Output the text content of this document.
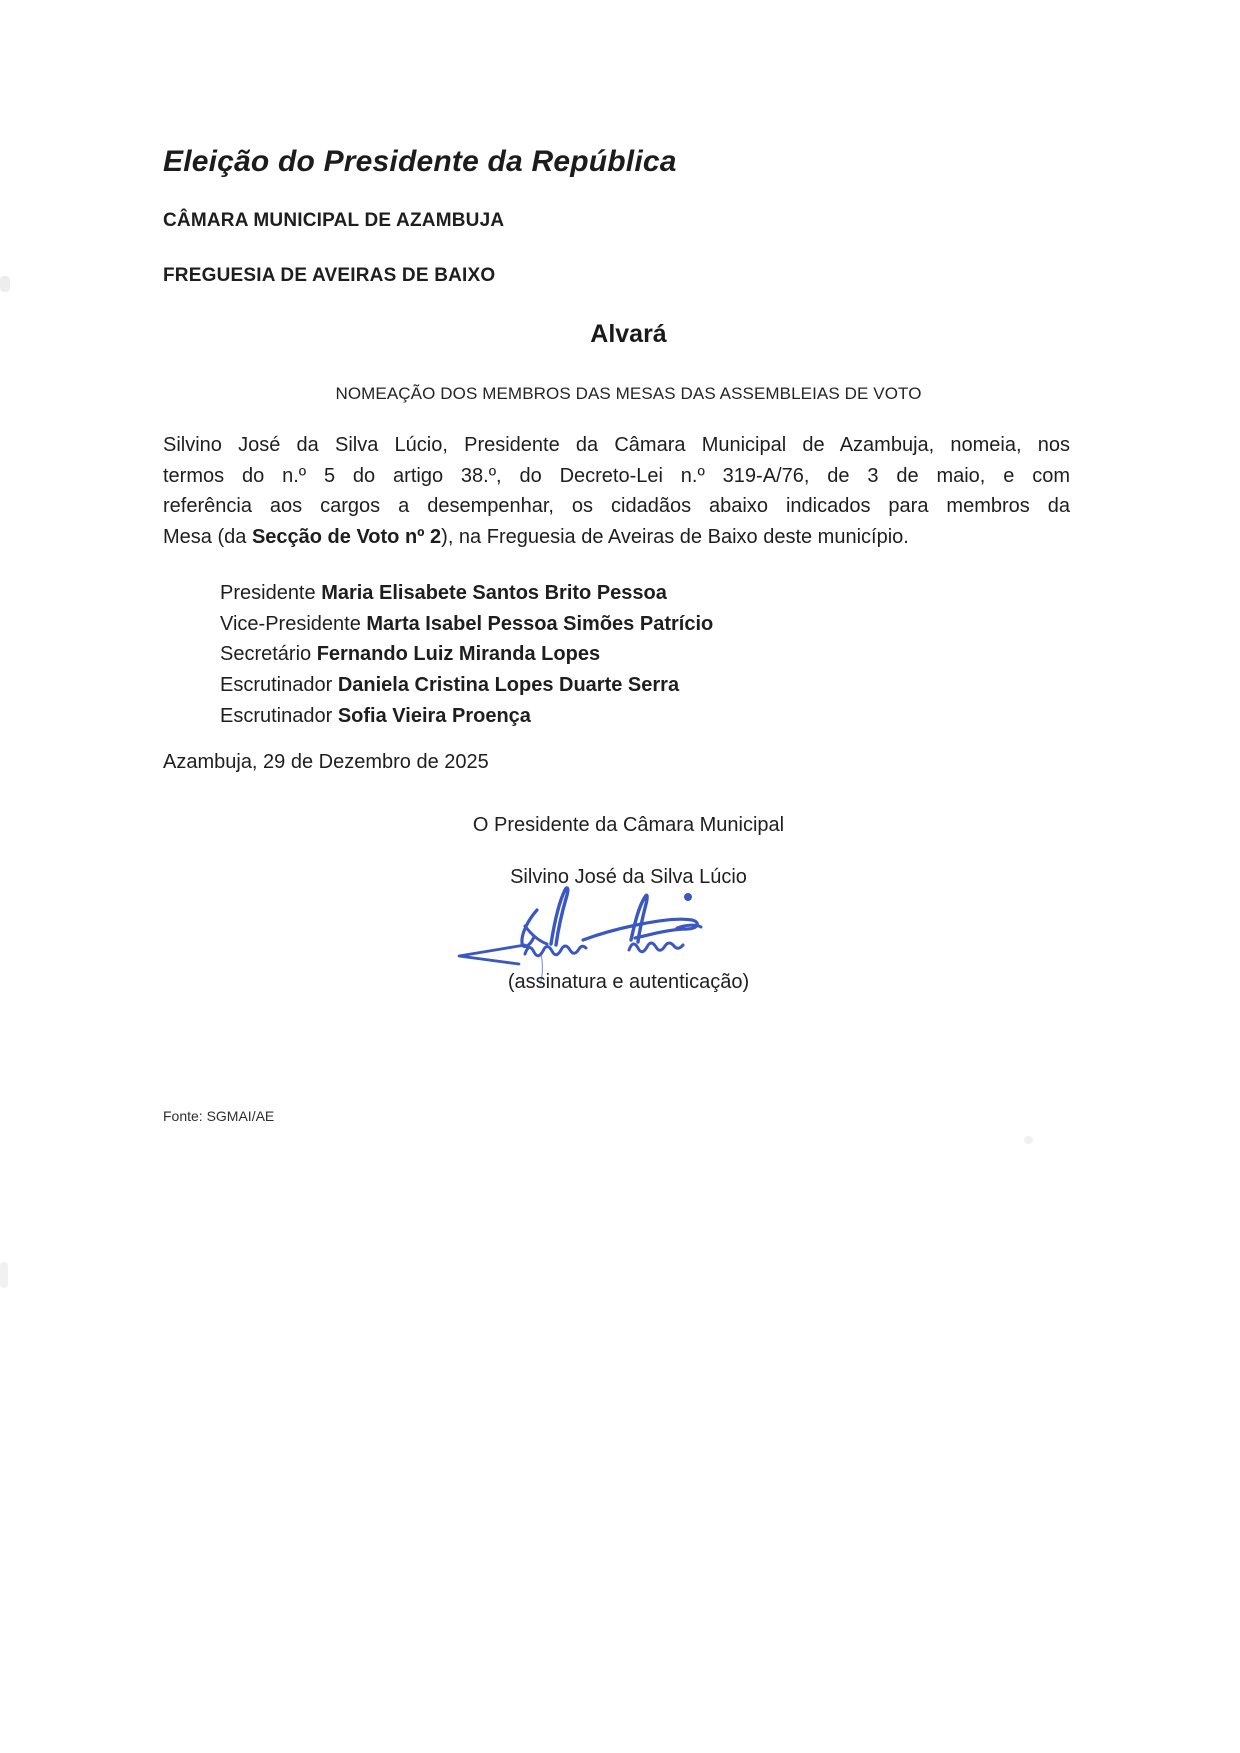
Eleição do Presidente da República
CÂMARA MUNICIPAL DE AZAMBUJA
FREGUESIA DE AVEIRAS DE BAIXO
Alvará
NOMEAÇÃO DOS MEMBROS DAS MESAS DAS ASSEMBLEIAS DE VOTO
Silvino José da Silva Lúcio, Presidente da Câmara Municipal de Azambuja, nomeia, nos
termos do n.º 5 do artigo 38.º, do Decreto-Lei n.º 319-A/76, de 3 de maio, e com
referência aos cargos a desempenhar, os cidadãos abaixo indicados para membros da
Mesa (da Secção de Voto nº 2), na Freguesia de Aveiras de Baixo deste município.
Presidente Maria Elisabete Santos Brito Pessoa
Vice-Presidente Marta Isabel Pessoa Simões Patrício
Secretário Fernando Luiz Miranda Lopes
Escrutinador Daniela Cristina Lopes Duarte Serra
Escrutinador Sofia Vieira Proença
Azambuja, 29 de Dezembro de 2025
O Presidente da Câmara Municipal
Silvino José da Silva Lúcio
(assinatura e autenticação)
Fonte: SGMAI/AE
